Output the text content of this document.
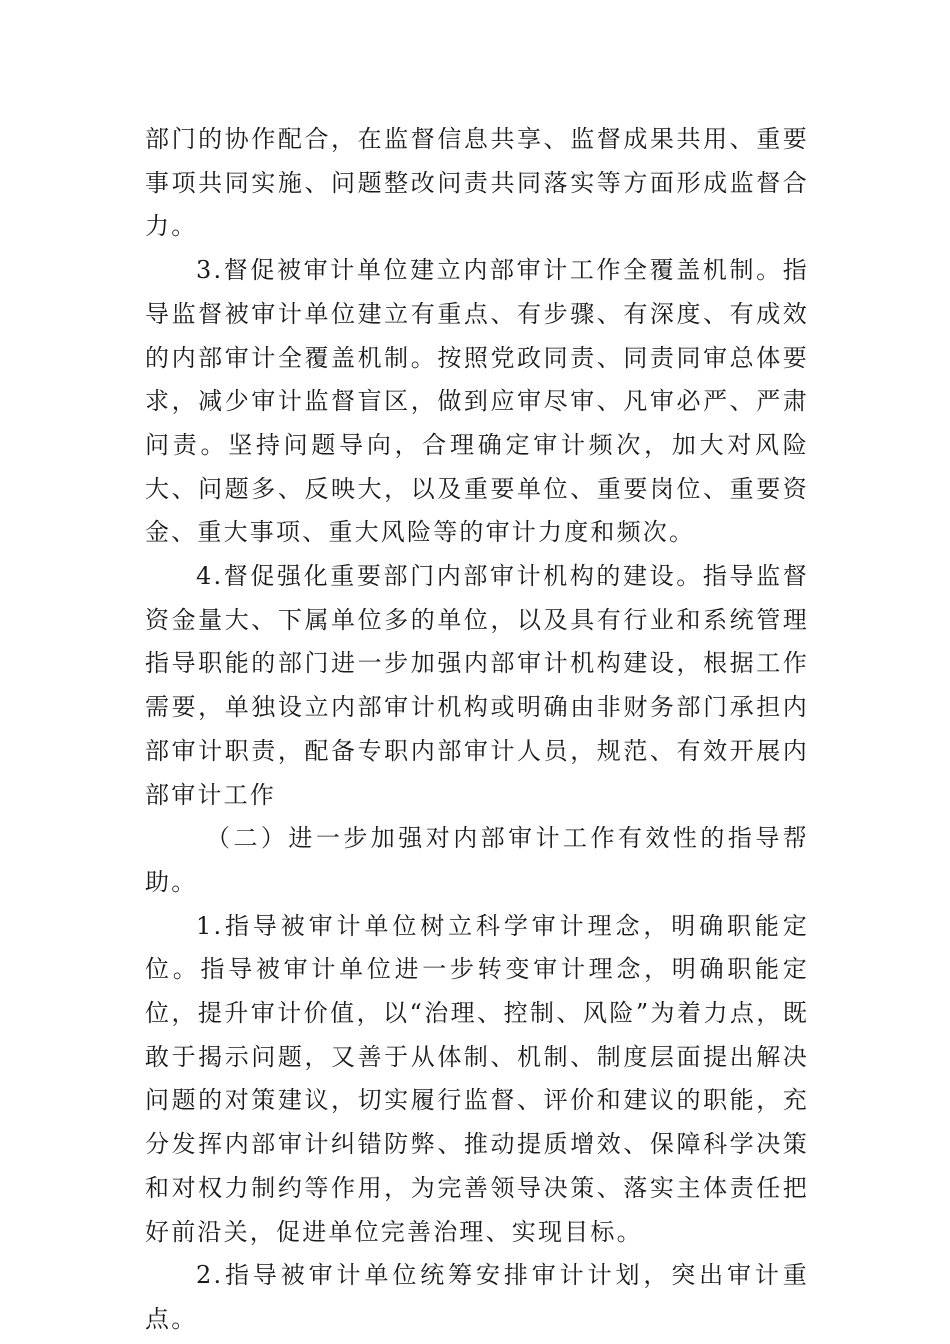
部门的协作配合，在监督信息共享、监督成果共用、重要事项共同实施、问题整改问责共同落实等方面形成监督合力。

3.督促被审计单位建立内部审计工作全覆盖机制。指导监督被审计单位建立有重点、有步骤、有深度、有成效的内部审计全覆盖机制。按照党政同责、同责同审总体要求，减少审计监督盲区，做到应审尽审、凡审必严、严肃问责。坚持问题导向，合理确定审计频次，加大对风险大、问题多、反映大，以及重要单位、重要岗位、重要资金、重大事项、重大风险等的审计力度和频次。

4.督促强化重要部门内部审计机构的建设。指导监督资金量大、下属单位多的单位，以及具有行业和系统管理指导职能的部门进一步加强内部审计机构建设，根据工作需要，单独设立内部审计机构或明确由非财务部门承担内部审计职责，配备专职内部审计人员，规范、有效开展内部审计工作

（二）进一步加强对内部审计工作有效性的指导帮助。

1.指导被审计单位树立科学审计理念，明确职能定位。指导被审计单位进一步转变审计理念，明确职能定位，提升审计价值，以“治理、控制、风险”为着力点，既敢于揭示问题，又善于从体制、机制、制度层面提出解决问题的对策建议，切实履行监督、评价和建议的职能，充分发挥内部审计纠错防弊、推动提质增效、保障科学决策和对权力制约等作用，为完善领导决策、落实主体责任把好前沿关，促进单位完善治理、实现目标。

2.指导被审计单位统筹安排审计计划，突出审计重点。
